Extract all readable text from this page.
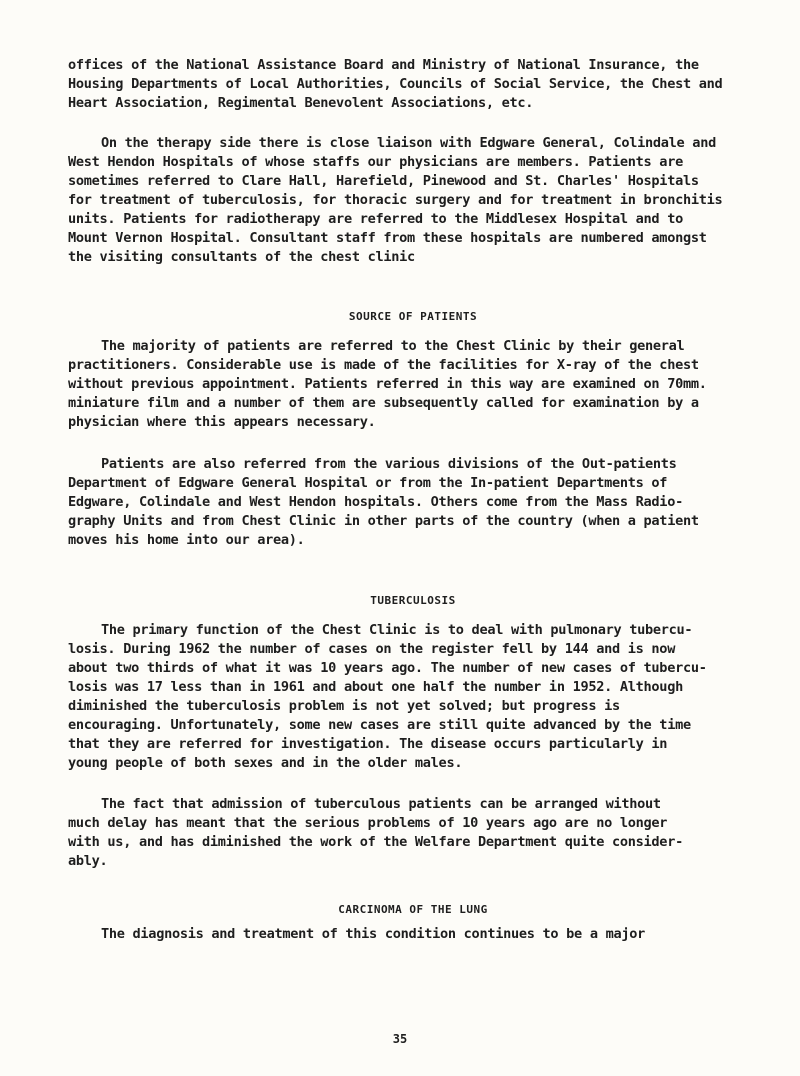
offices of the National Assistance Board and Ministry of National Insurance, the
Housing Departments of Local Authorities, Councils of Social Service, the Chest and
Heart Association, Regimental Benevolent Associations, etc.

On the therapy side there is close liaison with Edgware General, Colindale and
West Hendon Hospitals of whose staffs our physicians are members. Patients are
sometimes referred to Clare Hall, Harefield, Pinewood and St. Charles' Hospitals
for treatment of tuberculosis, for thoracic surgery and for treatment in bronchitis
units. Patients for radiotherapy are referred to the Middlesex Hospital and to
Mount Vernon Hospital. Consultant staff from these hospitals are numbered amongst
the visiting consultants of the chest clinic

SOURCE OF PATIENTS

The majority of patients are referred to the Chest Clinic by their general
practitioners. Considerable use is made of the facilities for X-ray of the chest
without previous appointment. Patients referred in this way are examined on 70mm.
miniature film and a number of them are subsequently called for examination by a
physician where this appears necessary.

Patients are also referred from the various divisions of the Out-patients
Department of Edgware General Hospital or from the In-patient Departments of
Edgware, Colindale and West Hendon hospitals. Others come from the Mass Radio-
graphy Units and from Chest Clinic in other parts of the country (when a patient
moves his home into our area).

TUBERCULOSIS

The primary function of the Chest Clinic is to deal with pulmonary tubercu-
losis. During 1962 the number of cases on the register fell by 144 and is now
about two thirds of what it was 10 years ago. The number of new cases of tubercu-
losis was 17 less than in 1961 and about one half the number in 1952. Although
diminished the tuberculosis problem is not yet solved; but progress is
encouraging. Unfortunately, some new cases are still quite advanced by the time
that they are referred for investigation. The disease occurs particularly in
young people of both sexes and in the older males.

The fact that admission of tuberculous patients can be arranged without
much delay has meant that the serious problems of 10 years ago are no longer
with us, and has diminished the work of the Welfare Department quite consider-
ably.

CARCINOMA OF THE LUNG

The diagnosis and treatment of this condition continues to be a major

35
